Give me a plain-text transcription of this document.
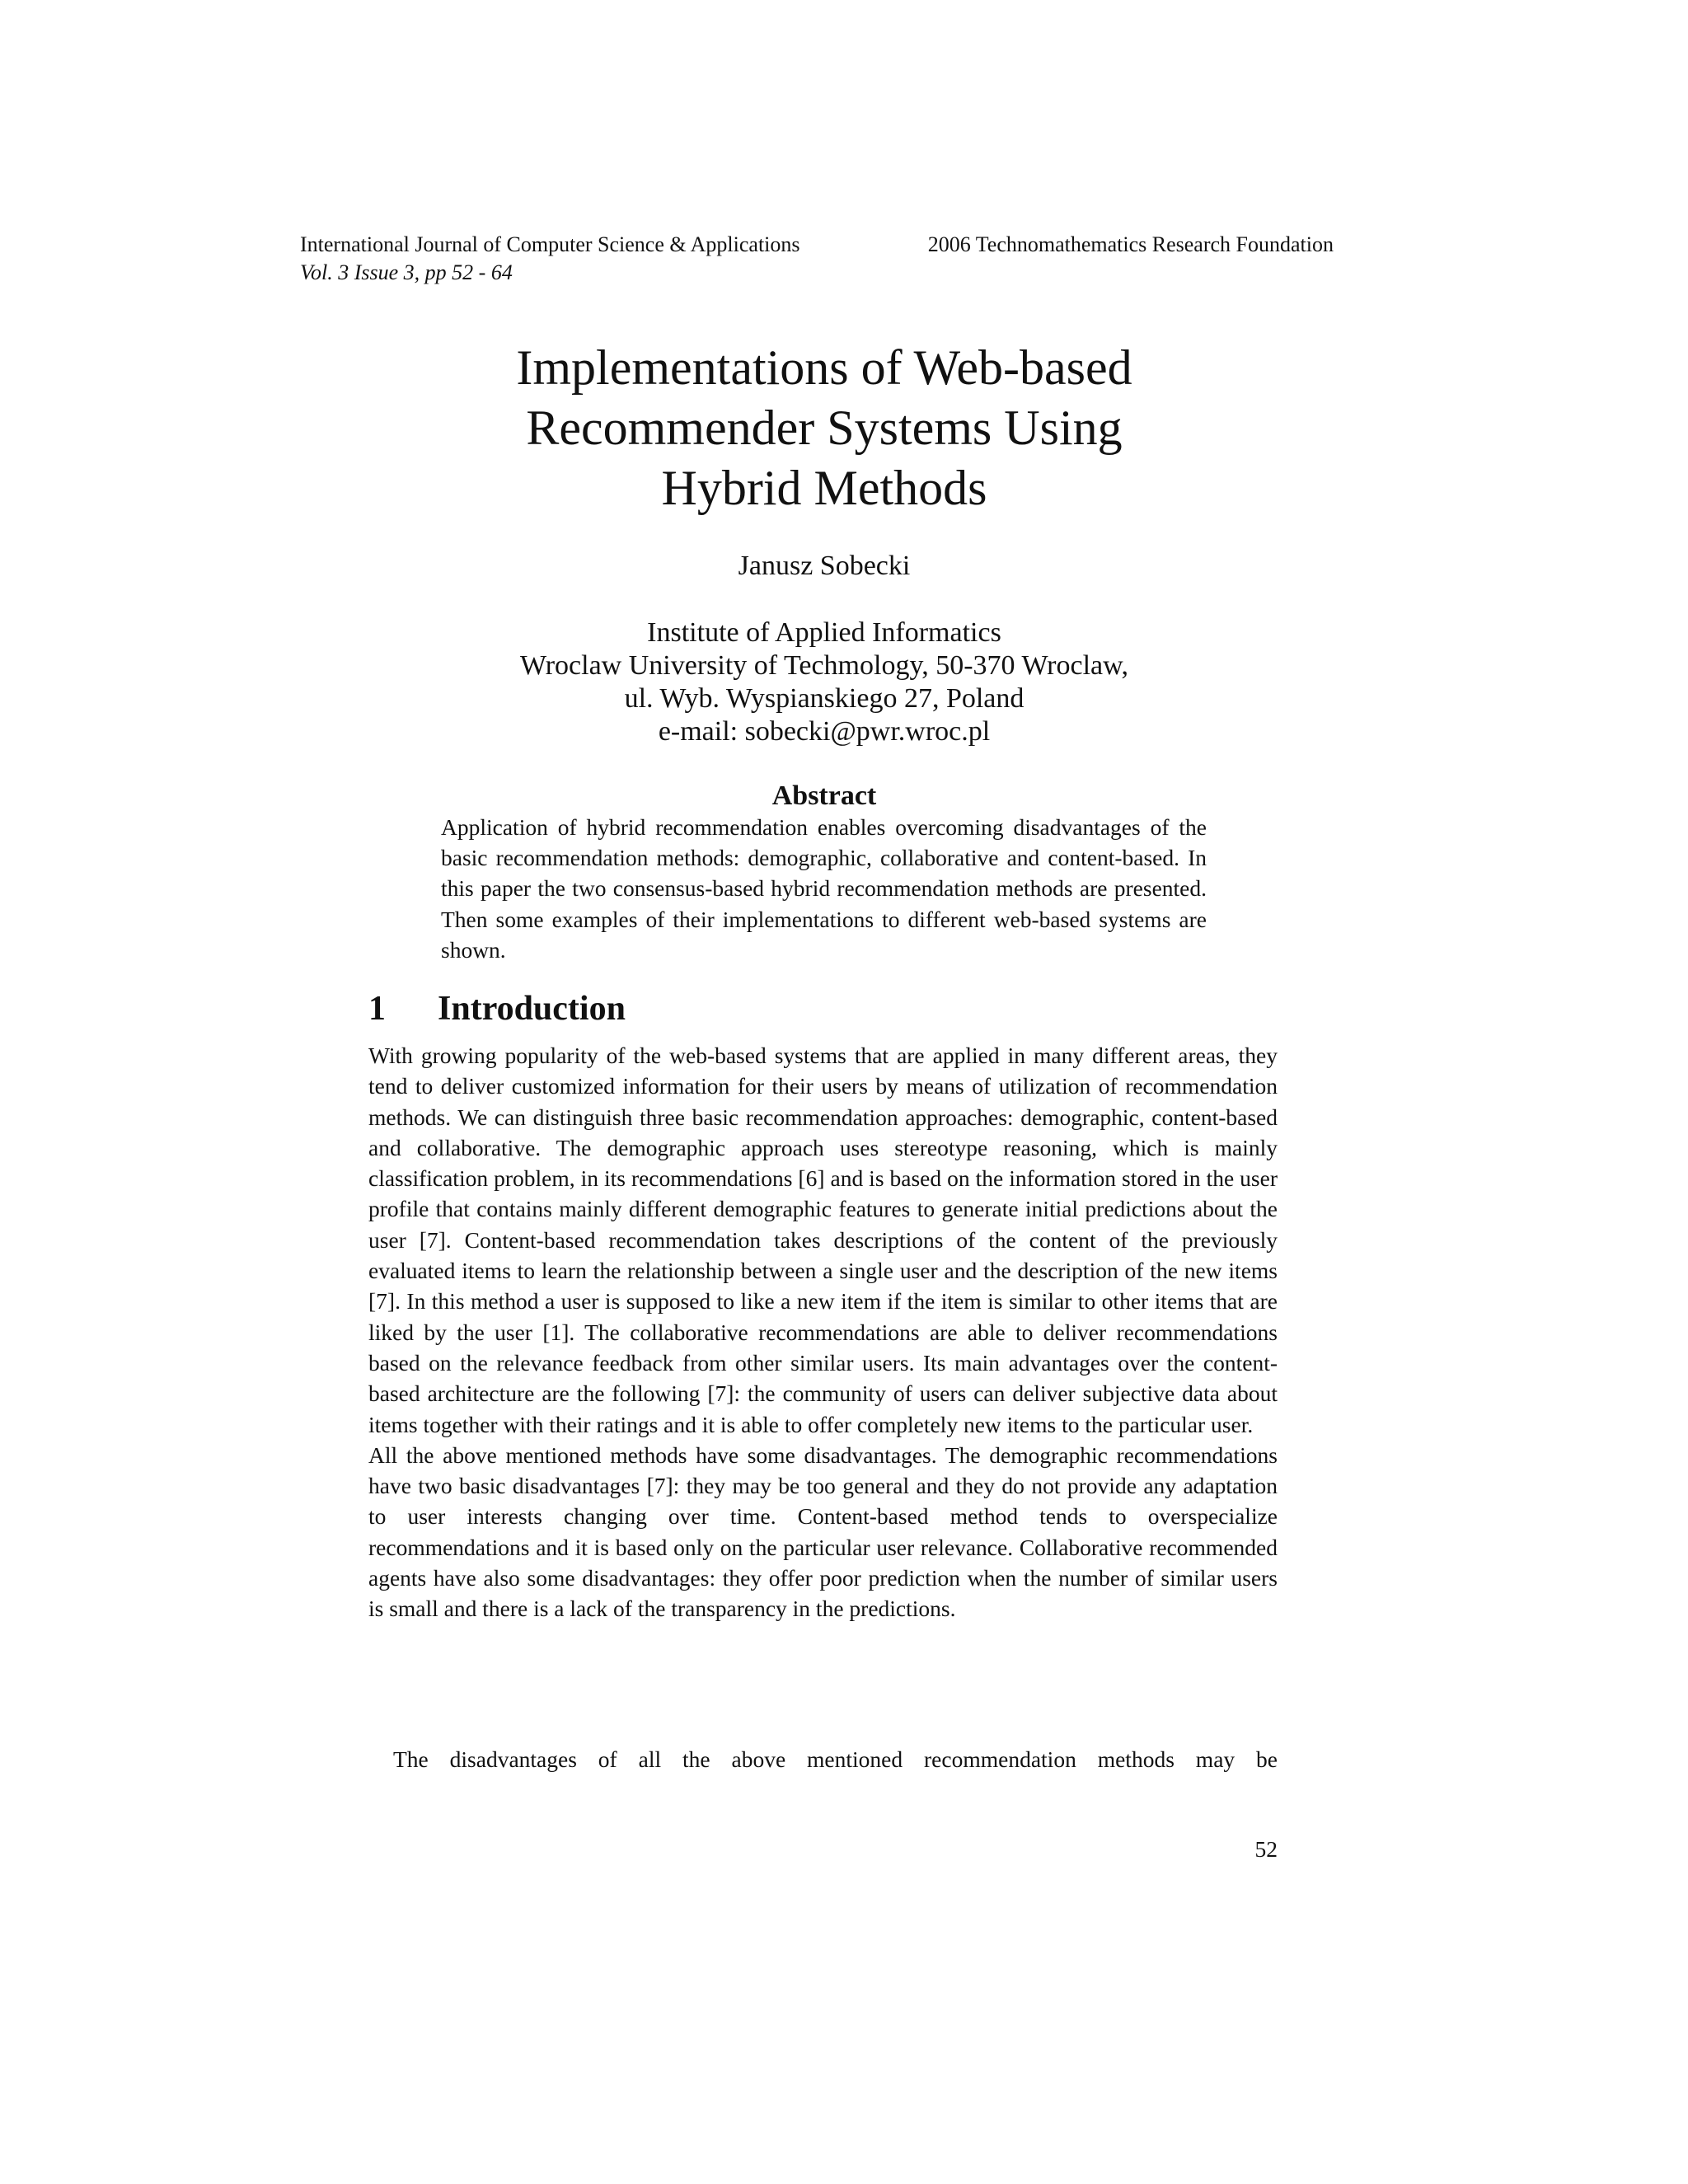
International Journal of Computer Science & Applications
Vol. 3 Issue 3, pp 52 - 64
2006 Technomathematics Research Foundation
Implementations of Web-based
Recommender Systems Using
Hybrid Methods
Janusz Sobecki
Institute of Applied Informatics
Wroclaw University of Techmology, 50-370 Wroclaw,
ul. Wyb. Wyspianskiego 27, Poland
e-mail: sobecki@pwr.wroc.pl
Abstract
Application of hybrid recommendation enables overcoming disadvantages of the basic recommendation methods: demographic, collaborative and content-based. In this paper the two consensus-based hybrid recommendation methods are presented. Then some examples of their implementations to different web-based systems are shown.
1 Introduction

With growing popularity of the web-based systems that are applied in many different areas, they tend to deliver customized information for their users by means of utilization of recommendation methods. We can distinguish three basic recommendation approaches: demographic, content-based and collaborative. The demographic approach uses stereotype reasoning, which is mainly classification problem, in its recommendations [6] and is based on the information stored in the user profile that contains mainly different demographic features to generate initial predictions about the user [7]. Content-based recommendation takes descriptions of the content of the previously evaluated items to learn the relationship between a single user and the description of the new items [7]. In this method a user is supposed to like a new item if the item is similar to other items that are liked by the user [1]. The collaborative recommendations are able to deliver recommendations based on the relevance feedback from other similar users. Its main advantages over the content-based architecture are the following [7]: the community of users can deliver subjective data about items together with their ratings and it is able to offer completely new items to the particular user.

All the above mentioned methods have some disadvantages. The demographic recommendations have two basic disadvantages [7]: they may be too general and they do not provide any adaptation to user interests changing over time. Content-based method tends to overspecialize recommendations and it is based only on the particular user relevance. Collaborative recommended agents have also some disadvantages: they offer poor prediction when the number of similar users is small and there is a lack of the transparency in the predictions.

The disadvantages of all the above mentioned recommendation methods may be
52
